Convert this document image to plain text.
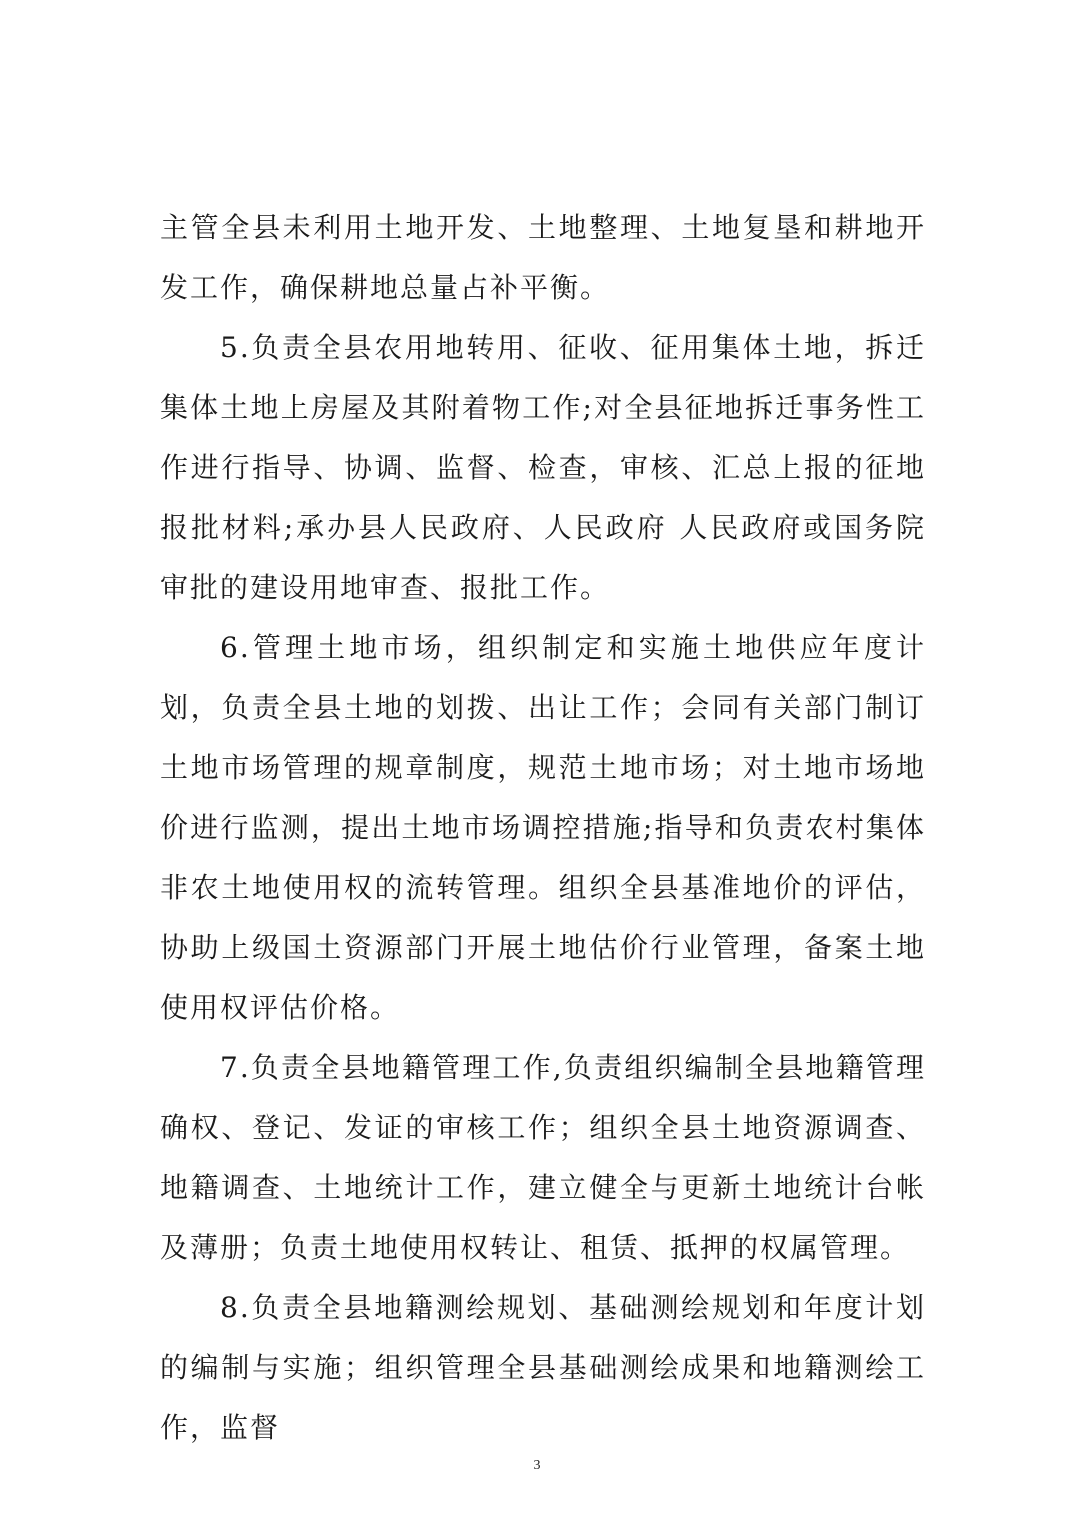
主管全县未利用土地开发、土地整理、土地复垦和耕地开发工作，确保耕地总量占补平衡。

5.负责全县农用地转用、征收、征用集体土地，拆迁集体土地上房屋及其附着物工作;对全县征地拆迁事务性工作进行指导、协调、监督、检查，审核、汇总上报的征地报批材料;承办县人民政府、人民政府 人民政府或国务院审批的建设用地审查、报批工作。

6.管理土地市场，组织制定和实施土地供应年度计划，负责全县土地的划拨、出让工作；会同有关部门制订土地市场管理的规章制度，规范土地市场；对土地市场地价进行监测，提出土地市场调控措施;指导和负责农村集体非农土地使用权的流转管理。组织全县基准地价的评估，协助上级国土资源部门开展土地估价行业管理，备案土地使用权评估价格。

7.负责全县地籍管理工作,负责组织编制全县地籍管理确权、登记、发证的审核工作；组织全县土地资源调查、地籍调查、土地统计工作，建立健全与更新土地统计台帐及薄册；负责土地使用权转让、租赁、抵押的权属管理。

8.负责全县地籍测绘规划、基础测绘规划和年度计划的编制与实施；组织管理全县基础测绘成果和地籍测绘工作，监督

3
